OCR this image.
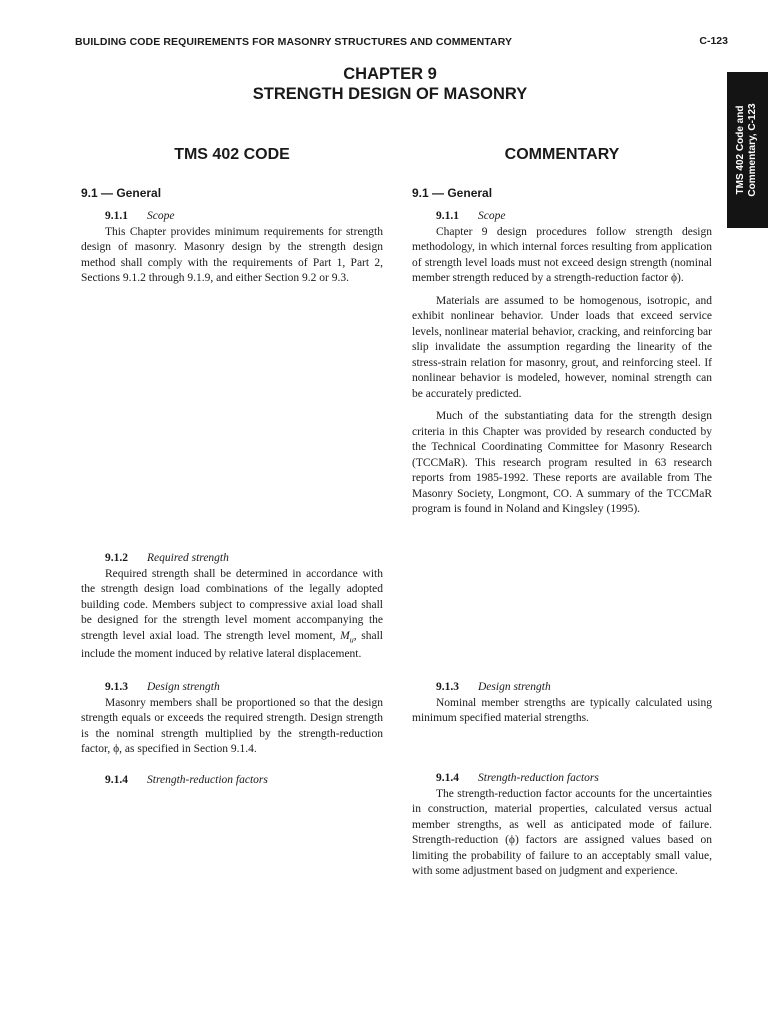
BUILDING CODE REQUIREMENTS FOR MASONRY STRUCTURES AND COMMENTARY	C-123
CHAPTER 9
STRENGTH DESIGN OF MASONRY
TMS 402 Code and Commentary, C-123
TMS 402 CODE	COMMENTARY
9.1 — General	9.1 — General
9.1.1 Scope

This Chapter provides minimum requirements for strength design of masonry. Masonry design by the strength design method shall comply with the requirements of Part 1, Part 2, Sections 9.1.2 through 9.1.9, and either Section 9.2 or 9.3.

9.1.2 Required strength

Required strength shall be determined in accordance with the strength design load combinations of the legally adopted building code. Members subject to compressive axial load shall be designed for the strength level moment accompanying the strength level axial load. The strength level moment, $M_u$, shall include the moment induced by relative lateral displacement.

9.1.3 Design strength

Masonry members shall be proportioned so that the design strength equals or exceeds the required strength. Design strength is the nominal strength multiplied by the strength-reduction factor, ϕ, as specified in Section 9.1.4.

9.1.4 Strength-reduction factors
9.1.1 Scope

Chapter 9 design procedures follow strength design methodology, in which internal forces resulting from application of strength level loads must not exceed design strength (nominal member strength reduced by a strength-reduction factor ϕ).

Materials are assumed to be homogenous, isotropic, and exhibit nonlinear behavior. Under loads that exceed service levels, nonlinear material behavior, cracking, and reinforcing bar slip invalidate the assumption regarding the linearity of the stress-strain relation for masonry, grout, and reinforcing steel. If nonlinear behavior is modeled, however, nominal strength can be accurately predicted.

Much of the substantiating data for the strength design criteria in this Chapter was provided by research conducted by the Technical Coordinating Committee for Masonry Research (TCCMaR). This research program resulted in 63 research reports from 1985-1992. These reports are available from The Masonry Society, Longmont, CO. A summary of the TCCMaR program is found in Noland and Kingsley (1995).

9.1.3 Design strength

Nominal member strengths are typically calculated using minimum specified material strengths.

9.1.4 Strength-reduction factors

The strength-reduction factor accounts for the uncertainties in construction, material properties, calculated versus actual member strengths, as well as anticipated mode of failure. Strength-reduction (ϕ) factors are assigned values based on limiting the probability of failure to an acceptably small value, with some adjustment based on judgment and experience.
